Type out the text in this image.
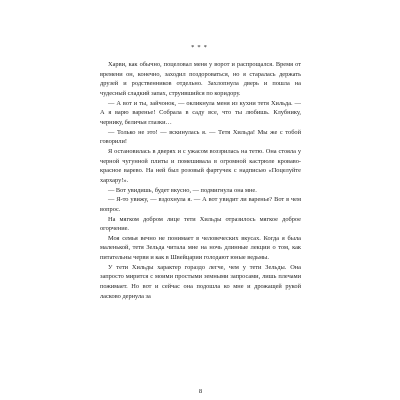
***

Харви, как обычно, поцеловал меня у ворот и распрощался. Время от времени он, конечно, заходил поздороваться, но я старалась держать друзей и родственников отдельно. Захлопнула дверь и пошла на чудесный сладкий запах, струившийся по коридору.

— А вот и ты, зайчонок, — окликнула меня из кухни тетя Хильда. — А я варю варенье! Собрала в саду все, что ты любишь. Клубнику, чернику, беличьи глазки…

— Только не это! — вскинулась я. — Тетя Хильда! Мы же с тобой говорили!

Я остановилась в дверях и с ужасом воззрилась на тетю. Она стояла у черной чугунной плиты и помешивала в огромной кастрюле кроваво-красное варево. На ней был розовый фартучек с надписью «Поцелуйте хархару!».

— Вот увидишь, будет вкусно, — подмигнула она мне.

— Я-то увижу, — вздохнула я. — А вот увидит ли варенье? Вот в чем вопрос.

На мягком добром лице тети Хильды отразилось мягкое доброе огорчение.

Моя семья вечно не понимает в человеческих вкусах. Когда я была маленькой, тетя Зельда читала мне на ночь длинные лекции о том, как питательны черви и как в Швейцарии голодают юные ведьмы.

У тети Хильды характер гораздо легче, чем у тети Зельды. Она запросто мирится с моими простыми земными запросами, лишь плечами пожимает. Но вот и сейчас она подошла ко мне и дрожащей рукой ласково дернула за

8
